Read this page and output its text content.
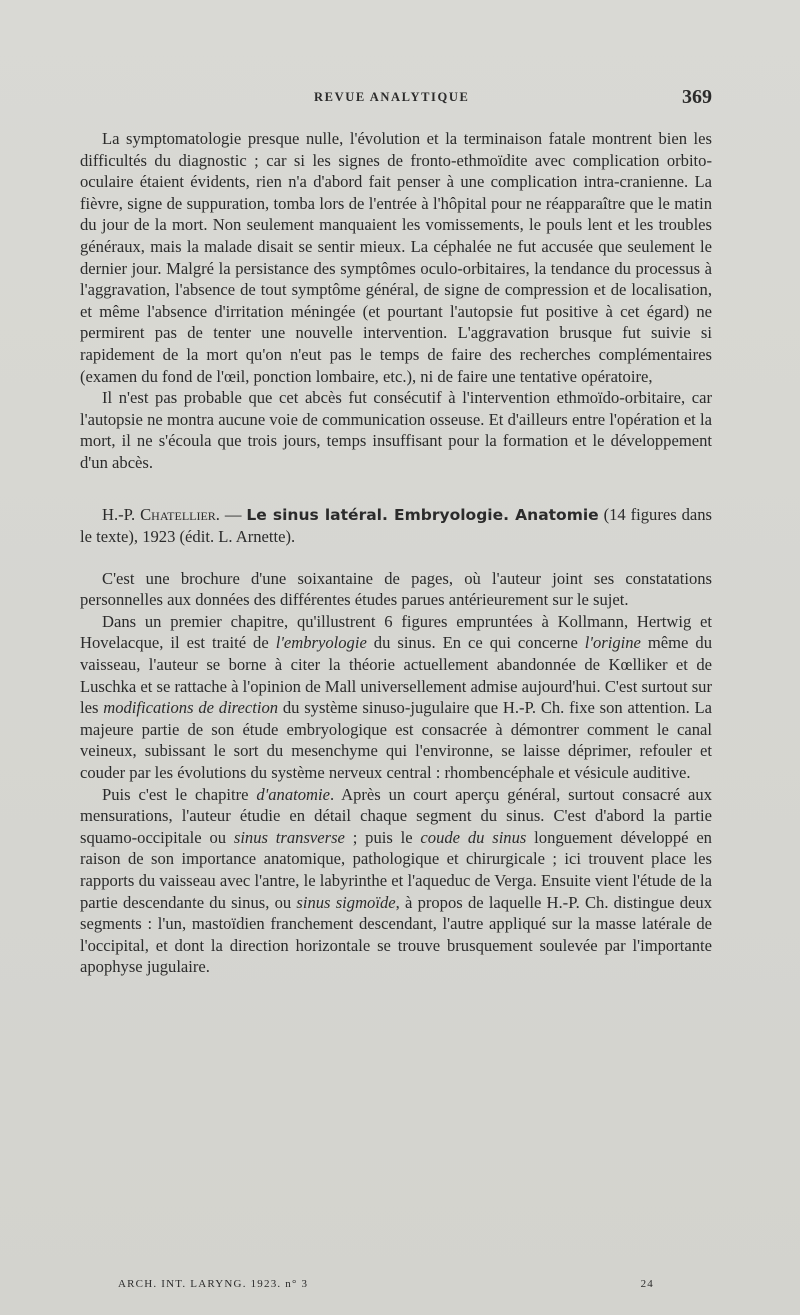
REVUE ANALYTIQUE	369

La symptomatologie presque nulle, l'évolution et la terminaison fatale montrent bien les difficultés du diagnostic ; car si les signes de fronto-ethmoïdite avec complication orbito-oculaire étaient évidents, rien n'a d'abord fait penser à une complication intra-cranienne. La fièvre, signe de suppuration, tomba lors de l'entrée à l'hôpital pour ne réapparaître que le matin du jour de la mort. Non seulement manquaient les vomissements, le pouls lent et les troubles généraux, mais la malade disait se sentir mieux. La céphalée ne fut accusée que seulement le dernier jour. Malgré la persistance des symptômes oculo-orbitaires, la tendance du processus à l'aggravation, l'absence de tout symptôme général, de signe de compression et de localisation, et même l'absence d'irritation méningée (et pourtant l'autopsie fut positive à cet égard) ne permirent pas de tenter une nouvelle intervention. L'aggravation brusque fut suivie si rapidement de la mort qu'on n'eut pas le temps de faire des recherches complémentaires (examen du fond de l'œil, ponction lombaire, etc.), ni de faire une tentative opératoire,

Il n'est pas probable que cet abcès fut consécutif à l'intervention ethmoïdo-orbitaire, car l'autopsie ne montra aucune voie de communication osseuse. Et d'ailleurs entre l'opération et la mort, il ne s'écoula que trois jours, temps insuffisant pour la formation et le développement d'un abcès.

H.-P. Chatellier. — Le sinus latéral. Embryologie. Anatomie (14 figures dans le texte), 1923 (édit. L. Arnette).

C'est une brochure d'une soixantaine de pages, où l'auteur joint ses constatations personnelles aux données des différentes études parues antérieurement sur le sujet.

Dans un premier chapitre, qu'illustrent 6 figures empruntées à Kollmann, Hertwig et Hovelacque, il est traité de l'embryologie du sinus. En ce qui concerne l'origine même du vaisseau, l'auteur se borne à citer la théorie actuellement abandonnée de Kœlliker et de Luschka et se rattache à l'opinion de Mall universellement admise aujourd'hui. C'est surtout sur les modifications de direction du système sinuso-jugulaire que H.-P. Ch. fixe son attention. La majeure partie de son étude embryologique est consacrée à démontrer comment le canal veineux, subissant le sort du mesenchyme qui l'environne, se laisse déprimer, refouler et couder par les évolutions du système nerveux central : rhombencéphale et vésicule auditive.

Puis c'est le chapitre d'anatomie. Après un court aperçu général, surtout consacré aux mensurations, l'auteur étudie en détail chaque segment du sinus. C'est d'abord la partie squamo-occipitale ou sinus transverse ; puis le coude du sinus longuement développé en raison de son importance anatomique, pathologique et chirurgicale ; ici trouvent place les rapports du vaisseau avec l'antre, le labyrinthe et l'aqueduc de Verga. Ensuite vient l'étude de la partie descendante du sinus, ou sinus sigmoïde, à propos de laquelle H.-P. Ch. distingue deux segments : l'un, mastoïdien franchement descendant, l'autre appliqué sur la masse latérale de l'occipital, et dont la direction horizontale se trouve brusquement soulevée par l'importante apophyse jugulaire.

ARCH. INT. LARYNG. 1923. n° 3	24
